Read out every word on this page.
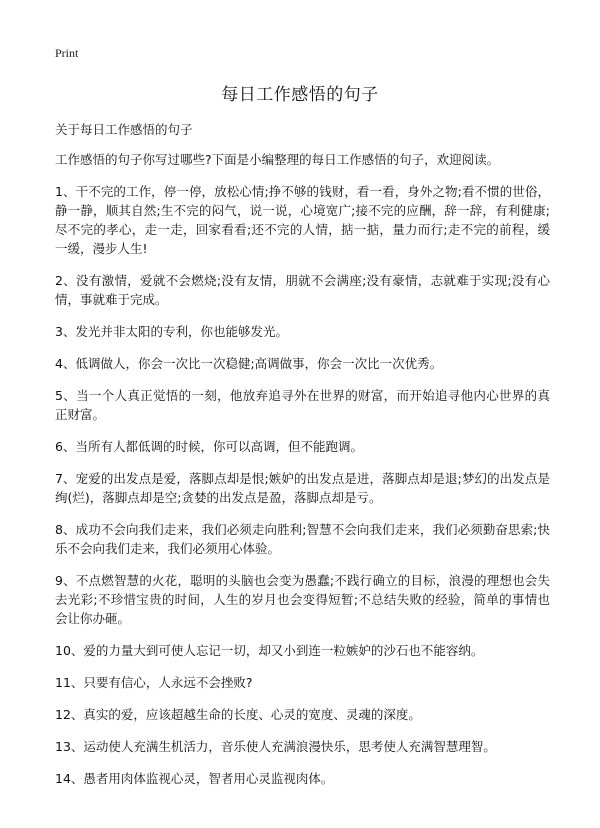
Print
每日工作感悟的句子

关于每日工作感悟的句子

工作感悟的句子你写过哪些?下面是小编整理的每日工作感悟的句子，欢迎阅读。

1、干不完的工作，停一停，放松心情;挣不够的钱财，看一看，身外之物;看不惯的世俗，静一静，顺其自然;生不完的闷气，说一说，心境宽广;接不完的应酬，辞一辞，有利健康;尽不完的孝心，走一走，回家看看;还不完的人情，掂一掂，量力而行;走不完的前程，缓一缓，漫步人生!

2、没有激情，爱就不会燃烧;没有友情，朋就不会满座;没有豪情，志就难于实现;没有心情，事就难于完成。

3、发光并非太阳的专利，你也能够发光。

4、低调做人，你会一次比一次稳健;高调做事，你会一次比一次优秀。

5、当一个人真正觉悟的一刻，他放弃追寻外在世界的财富，而开始追寻他内心世界的真正财富。

6、当所有人都低调的时候，你可以高调，但不能跑调。

7、宠爱的出发点是爱，落脚点却是恨;嫉妒的出发点是进，落脚点却是退;梦幻的出发点是绚(烂)，落脚点却是空;贪婪的出发点是盈，落脚点却是亏。

8、成功不会向我们走来，我们必须走向胜利;智慧不会向我们走来，我们必须勤奋思索;快乐不会向我们走来，我们必须用心体验。

9、不点燃智慧的火花，聪明的头脑也会变为愚蠢;不践行确立的目标，浪漫的理想也会失去光彩;不珍惜宝贵的时间，人生的岁月也会变得短暂;不总结失败的经验，简单的事情也会让你办砸。

10、爱的力量大到可使人忘记一切，却又小到连一粒嫉妒的沙石也不能容纳。

11、只要有信心，人永远不会挫败?

12、真实的爱，应该超越生命的长度、心灵的宽度、灵魂的深度。

13、运动使人充满生机活力，音乐使人充满浪漫快乐，思考使人充满智慧理智。

14、愚者用肉体监视心灵，智者用心灵监视肉体。
